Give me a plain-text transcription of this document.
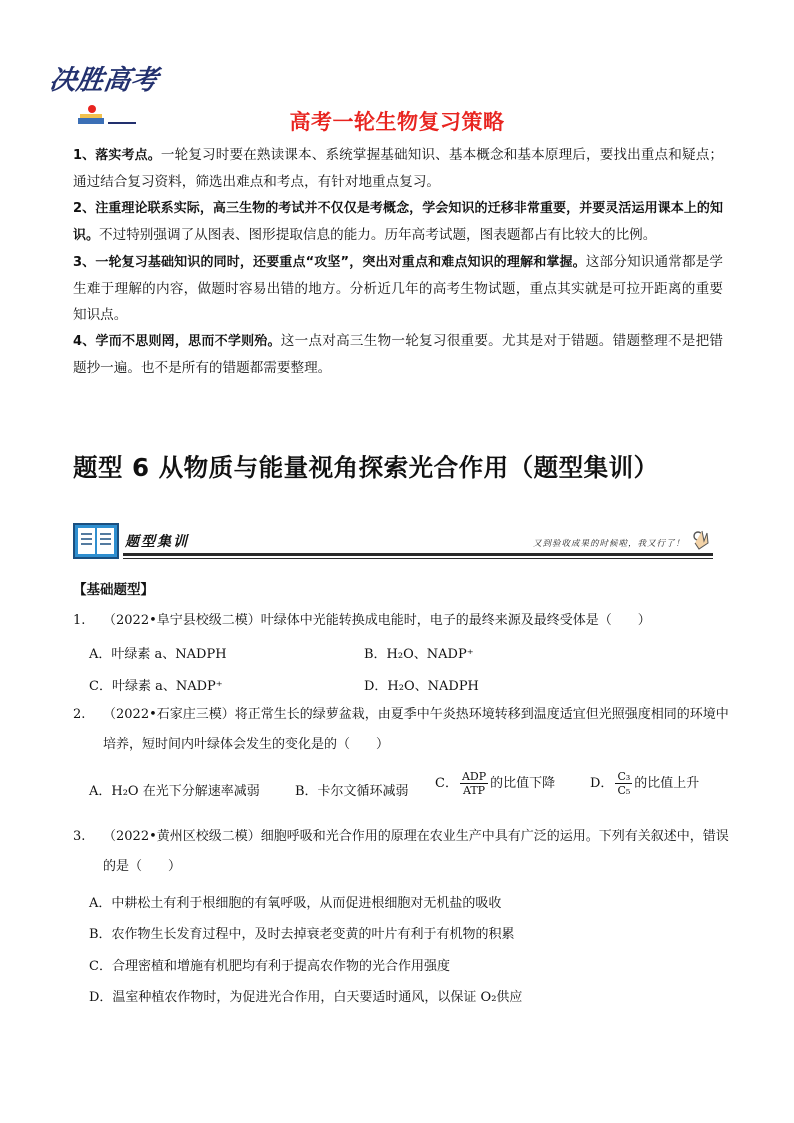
决胜高考
高考一轮生物复习策略

1、落实考点。一轮复习时要在熟读课本、系统掌握基础知识、基本概念和基本原理后，要找出重点和疑点；通过结合复习资料，筛选出难点和考点，有针对地重点复习。

2、注重理论联系实际，高三生物的考试并不仅仅是考概念，学会知识的迁移非常重要，并要灵活运用课本上的知识。不过特别强调了从图表、图形提取信息的能力。历年高考试题，图表题都占有比较大的比例。

3、一轮复习基础知识的同时，还要重点“攻坚”，突出对重点和难点知识的理解和掌握。这部分知识通常都是学生难于理解的内容，做题时容易出错的地方。分析近几年的高考生物试题，重点其实就是可拉开距离的重要知识点。

4、学而不思则罔，思而不学则殆。这一点对高三生物一轮复习很重要。尤其是对于错题。错题整理不是把错题抄一遍。也不是所有的错题都需要整理。

题型 6 从物质与能量视角探索光合作用（题型集训）
题型集训	又到验收成果的时候啦，我又行了！
【基础题型】
1. （2022•阜宁县校级二模）叶绿体中光能转换成电能时，电子的最终来源及最终受体是（　　）
A．叶绿素 a、NADPH	B．H₂O、NADP⁺
C．叶绿素 a、NADP⁺	D．H₂O、NADPH
2. （2022•石家庄三模）将正常生长的绿萝盆栽，由夏季中午炎热环境转移到温度适宜但光照强度相同的环境中培养，短时间内叶绿体会发生的变化是的（　　）
A．H₂O 在光下分解速率减弱	B．卡尔文循环减弱
C． $\frac{\text{ADP}}{\text{ATP}}$ 的比值下降	D． $\frac{\text{C₃}}{\text{C₅}}$ 的比值上升
3. （2022•黄州区校级二模）细胞呼吸和光合作用的原理在农业生产中具有广泛的运用。下列有关叙述中，错误的是（　　）
A．中耕松土有利于根细胞的有氧呼吸，从而促进根细胞对无机盐的吸收
B．农作物生长发育过程中，及时去掉衰老变黄的叶片有利于有机物的积累
C．合理密植和增施有机肥均有利于提高农作物的光合作用强度
D．温室种植农作物时，为促进光合作用，白天要适时通风，以保证 O₂供应
